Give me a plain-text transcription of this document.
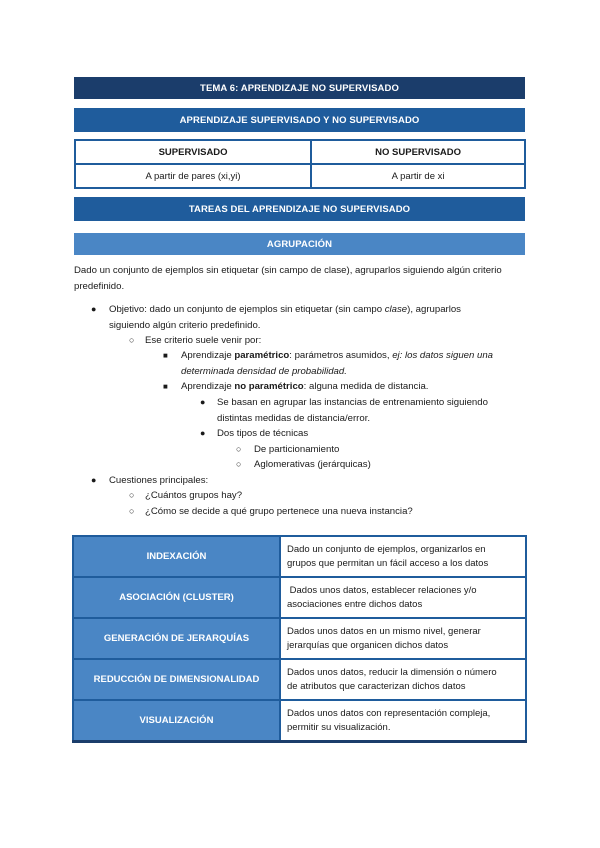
TEMA 6: APRENDIZAJE NO SUPERVISADO
APRENDIZAJE SUPERVISADO Y NO SUPERVISADO
SUPERVISADO	NO SUPERVISADO
A partir de pares (xi,yi)	A partir de xi
TAREAS DEL APRENDIZAJE NO SUPERVISADO
AGRUPACIÓN
Dado un conjunto de ejemplos sin etiquetar (sin campo de clase), agruparlos siguiendo algún criterio
predefinido.
● Objetivo: dado un conjunto de ejemplos sin etiquetar (sin campo clase), agruparlos
siguiendo algún criterio predefinido.
○ Ese criterio suele venir por:
■ Aprendizaje paramétrico: parámetros asumidos, ej: los datos siguen una
determinada densidad de probabilidad.
■ Aprendizaje no paramétrico: alguna medida de distancia.
● Se basan en agrupar las instancias de entrenamiento siguiendo
distintas medidas de distancia/error.
● Dos tipos de técnicas
○ De particionamiento
○ Aglomerativas (jerárquicas)
● Cuestiones principales:
○ ¿Cuántos grupos hay?
○ ¿Cómo se decide a qué grupo pertenece una nueva instancia?
INDEXACIÓN	Dado un conjunto de ejemplos, organizarlos en
grupos que permitan un fácil acceso a los datos

ASOCIACIÓN (CLUSTER)	Dados unos datos, establecer relaciones y/o
asociaciones entre dichos datos

GENERACIÓN DE JERARQUÍAS	Dados unos datos en un mismo nivel, generar
jerarquías que organicen dichos datos

REDUCCIÓN DE DIMENSIONALIDAD	Dados unos datos, reducir la dimensión o número
de atributos que caracterizan dichos datos

VISUALIZACIÓN	Dados unos datos con representación compleja,
permitir su visualización.
